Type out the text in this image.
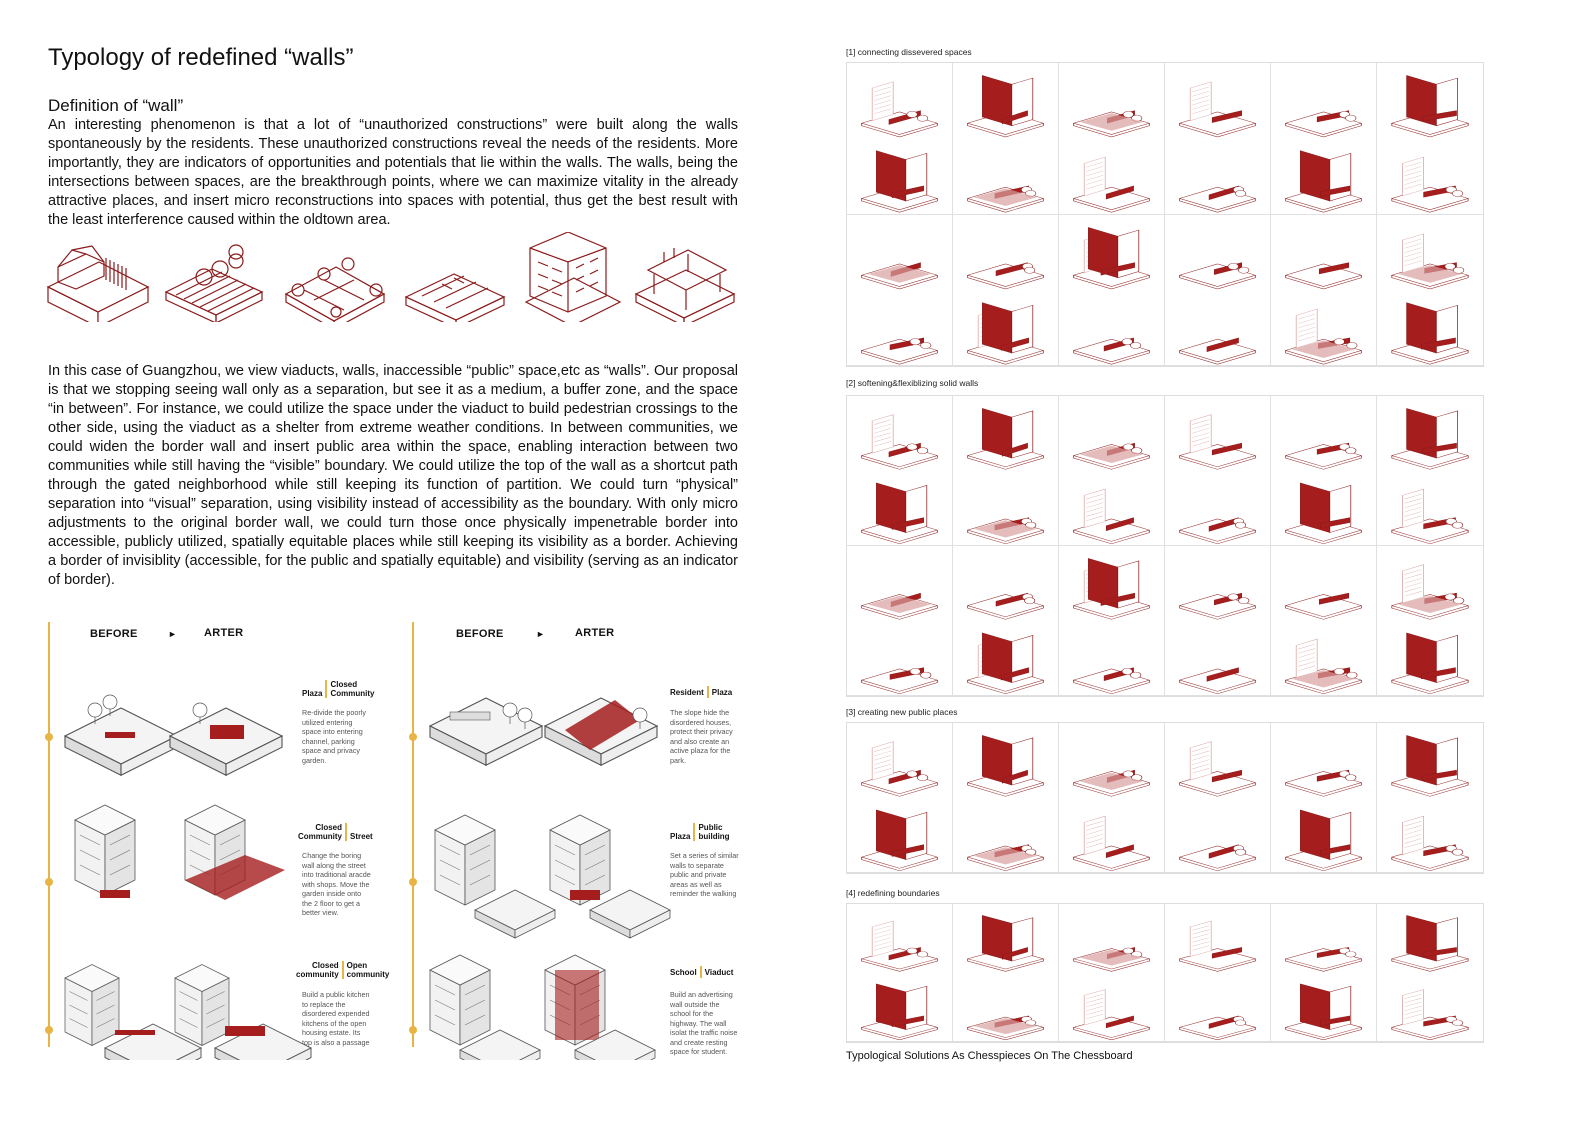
Typology of redefined “walls”
Definition of “wall”
An interesting phenomenon is that a lot of “unauthorized constructions” were built along the walls spontaneously by the residents. These unauthorized constructions reveal the needs of the residents. More importantly, they are indicators of opportunities and potentials that lie within the walls. The walls, being the intersections between spaces, are the breakthrough points, where we can maximize vitality in the already attractive places, and insert micro reconstructions into spaces with potential, thus get the best result with the least interference caused within the oldtown area.
In this case of Guangzhou, we view viaducts, walls, inaccessible “public” space,etc as “walls”. Our proposal is that we stopping seeing wall only as a separation, but see it as a medium, a buffer zone, and the space “in between”. For instance, we could utilize the space under the viaduct to build pedestrian crossings to the other side, using the viaduct as a shelter from extreme weather conditions. In between communities, we could widen the border wall and insert public area within the space, enabling interaction between two communities while still having the “visible” boundary. We could utilize the top of the wall as a shortcut path through the gated neighborhood while still keeping its function of partition. We could turn “physical” separation into “visual” separation, using visibility instead of accessibility as the boundary. With only micro adjustments to the original border wall, we could turn those once physically impenetrable border into accessible, publicly utilized, spatially equitable places while still keeping its visibility as a border. Achieving a border of invisiblity (accessible, for the public and spatially equitable) and visibility (serving as an indicator of border).
BEFORE	► ARTER	BEFORE	►	ARTER
Plaza
Closed
Community
Re-divide the poorly utilized entering space into entering channel, parking space and privacy garden.
Closed
Community Street
Change the boring wall along the street into traditional aracde with shops. Move the garden inside onto the 2 floor to get a better view.
Closed
community
Open
community
Build a public kitchen to replace the disordered expended kitchens of the open housing estate. Its top is also a passage
Resident Plaza
The slope hide the disordered houses, protect their privacy and also create an active plaza for the park.
Plaza
Public
building
Set a series of similar walls to separate public and private areas as well as reminder the walking
School Viaduct
Build an advertising wall outside the school for the highway. The wall isolat the traffic noise and create resting space for student.
[1] connecting dissevered spaces
[2] softening&flexiblizing solid walls
[3] creating new public places
[4] redefining boundaries
Typological Solutions As Chesspieces On The Chessboard
